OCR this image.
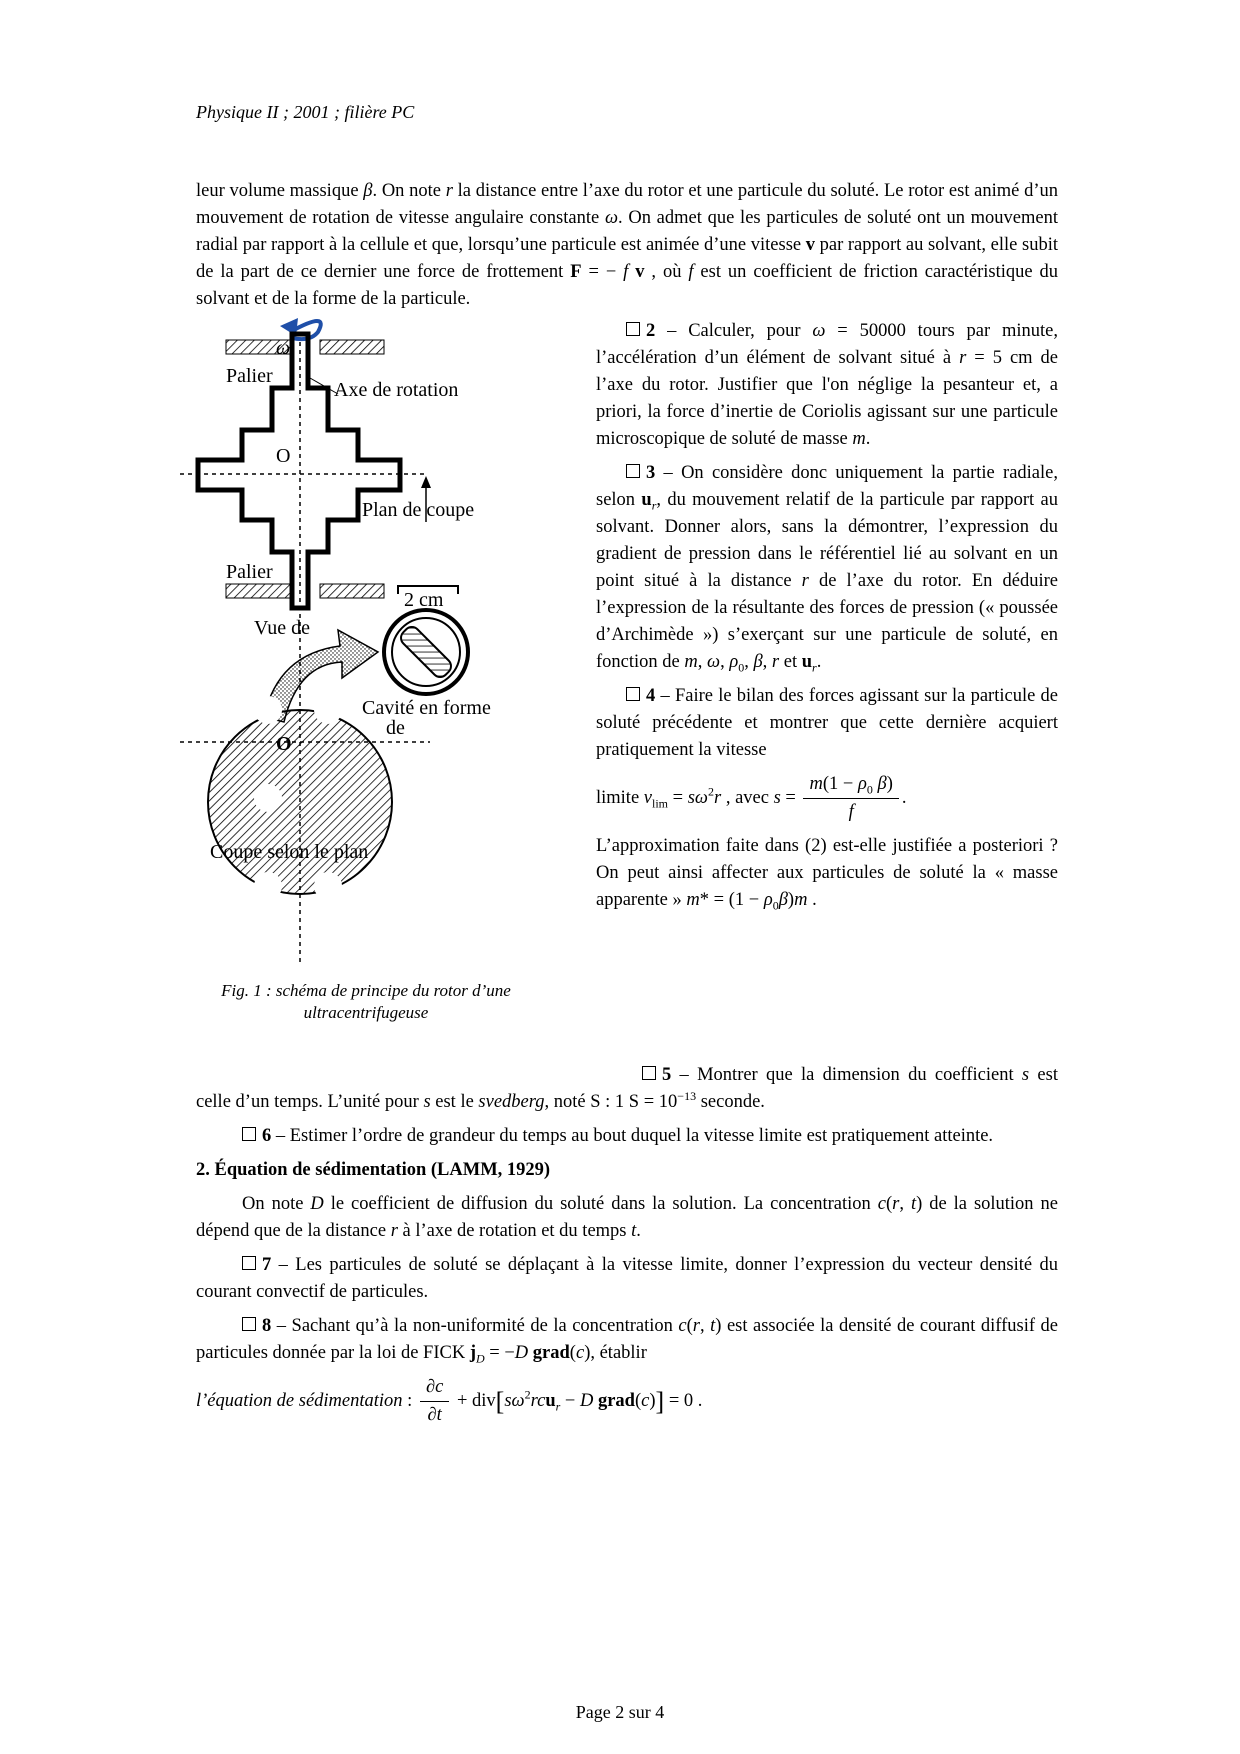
Physique II ; 2001 ; filière PC
leur volume massique β. On note r la distance entre l’axe du rotor et une particule du soluté. Le rotor est animé d’un mouvement de rotation de vitesse angulaire constante ω. On admet que les particules de soluté ont un mouvement radial par rapport à la cellule et que, lorsqu’une particule est animée d’une vitesse v par rapport au solvant, elle subit de la part de ce dernier une force de frottement F = − f v , où f est un coefficient de friction caractéristique du solvant et de la forme de la particule.
ω
Palier
Axe de rotation
O
Plan de coupe
Palier
2 cm
Vue de
Cavité en forme
de
O
Coupe selon le plan
Fig. 1 : schéma de principe du rotor d’une ultracentrifugeuse

2 – Calculer, pour ω = 50000 tours par minute, l’accélération d’un élément de solvant situé à r = 5 cm de l’axe du rotor. Justifier que l'on néglige la pesanteur et, a priori, la force d’inertie de Coriolis agissant sur une particule microscopique de soluté de masse m.

3 – On considère donc uniquement la partie radiale, selon $u_r$, du mouvement relatif de la particule par rapport au solvant. Donner alors, sans la démontrer, l’expression du gradient de pression dans le référentiel lié au solvant en un point situé à la distance r de l’axe du rotor. En déduire l’expression de la résultante des forces de pression (« poussée d’Archimède ») s’exerçant sur une particule de soluté, en fonction de m, ω, $\rho_0$, β, r et $u_r$.

4 – Faire le bilan des forces agissant sur la particule de soluté précédente et montrer que cette dernière acquiert pratiquement la vitesse

limite $v_{lim} = s\omega^2r$ , avec $s = \frac{m(1 - \rho_0 \beta)}{f}$ .

L’approximation faite dans (2) est-elle justifiée a posteriori ? On peut ainsi affecter aux particules de soluté la « masse apparente » $m* = (1 - \rho_0\beta)m$ .

5 – Montrer que la dimension du coefficient s est celle d’un temps. L’unité pour s est le svedberg, noté S : 1 $S = 10^{-13}$ seconde.

6 – Estimer l’ordre de grandeur du temps au bout duquel la vitesse limite est pratiquement atteinte.

2. Équation de sédimentation (LAMM, 1929)

On note D le coefficient de diffusion du soluté dans la solution. La concentration c(r, t) de la solution ne dépend que de la distance r à l’axe de rotation et du temps t.

7 – Les particules de soluté se déplaçant à la vitesse limite, donner l’expression du vecteur densité du courant convectif de particules.

8 – Sachant qu’à la non-uniformité de la concentration c(r, t) est associée la densité de courant diffusif de particules donnée par la loi de FICK $j_D = -D$ grad(c), établir

l’équation de sédimentation : $\frac{\partial c}{\partial t} + div[s\omega^2rcu_r - D$ grad(c)] = 0 .

Page 2 sur 4
